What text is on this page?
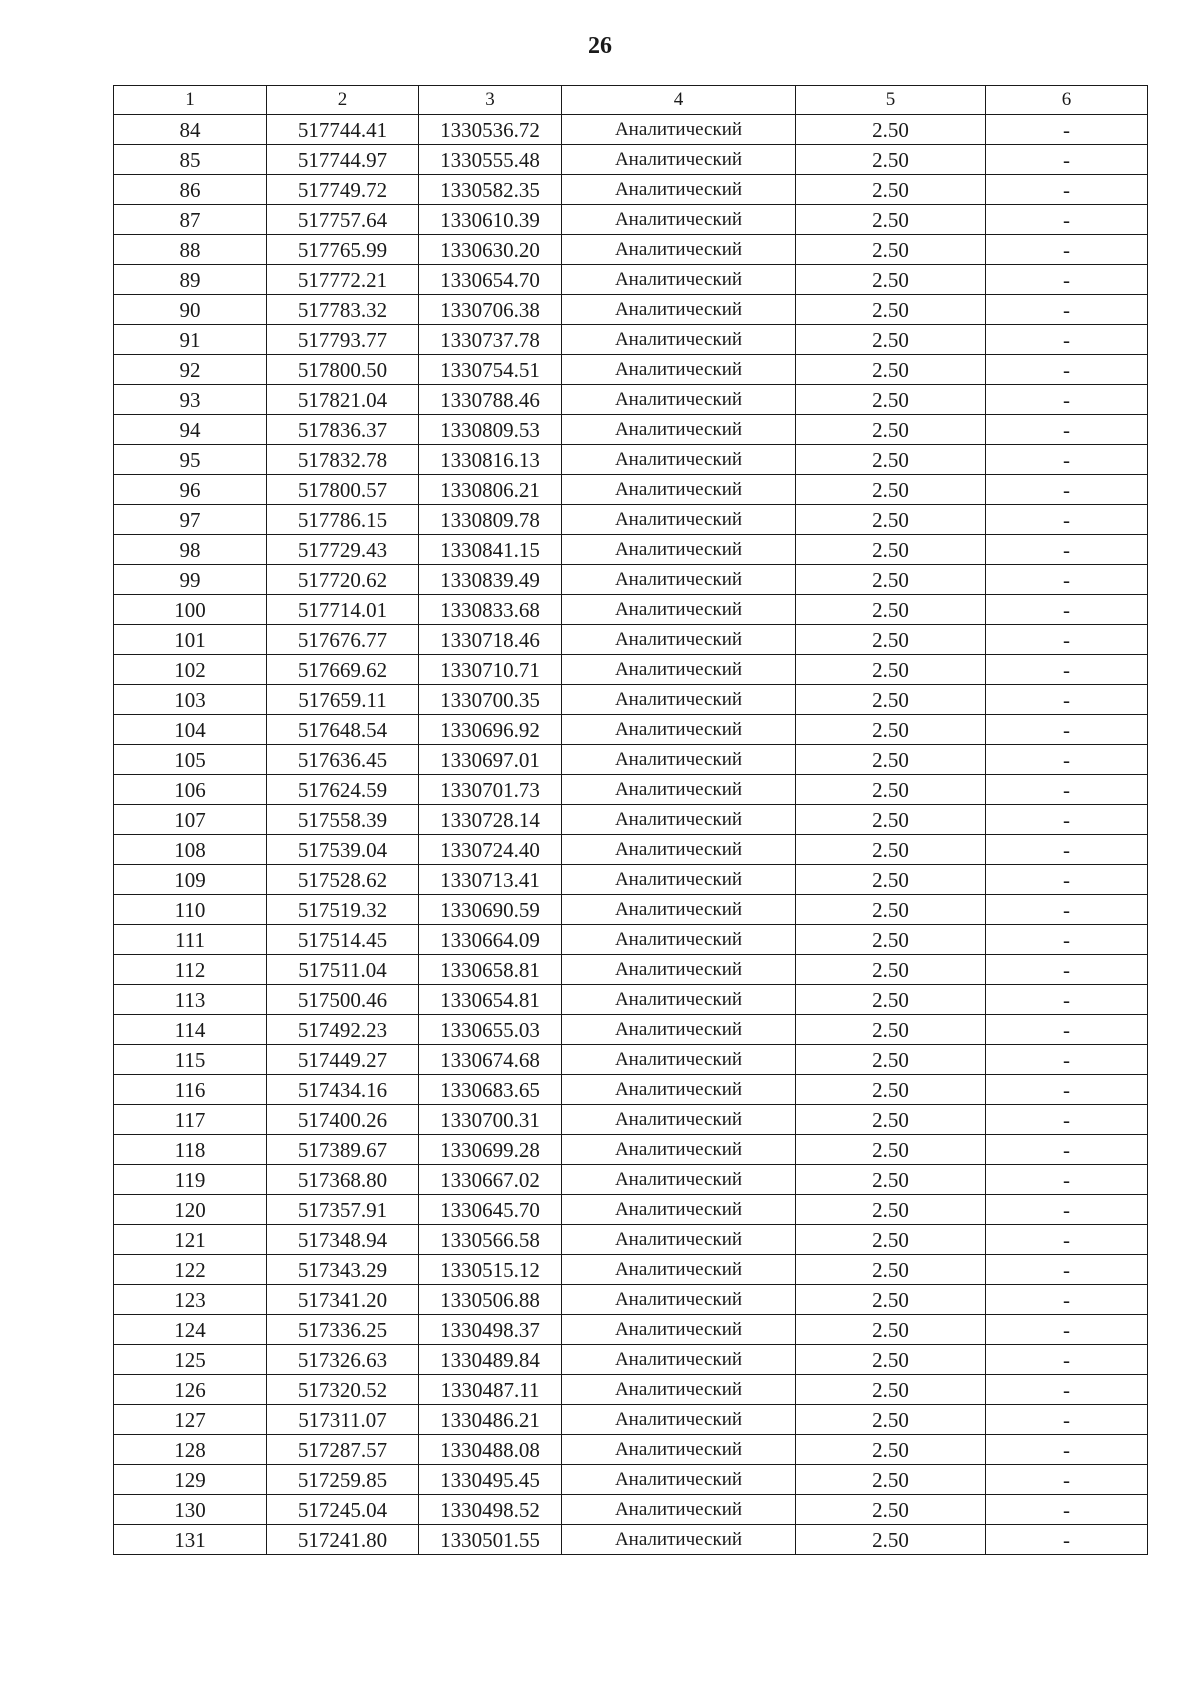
26
1	2	3	4	5	6
84	517744.41	1330536.72	Аналитический	2.50	-
85	517744.97	1330555.48	Аналитический	2.50	-
86	517749.72	1330582.35	Аналитический	2.50	-
87	517757.64	1330610.39	Аналитический	2.50	-
88	517765.99	1330630.20	Аналитический	2.50	-
89	517772.21	1330654.70	Аналитический	2.50	-
90	517783.32	1330706.38	Аналитический	2.50	-
91	517793.77	1330737.78	Аналитический	2.50	-
92	517800.50	1330754.51	Аналитический	2.50	-
93	517821.04	1330788.46	Аналитический	2.50	-
94	517836.37	1330809.53	Аналитический	2.50	-
95	517832.78	1330816.13	Аналитический	2.50	-
96	517800.57	1330806.21	Аналитический	2.50	-
97	517786.15	1330809.78	Аналитический	2.50	-
98	517729.43	1330841.15	Аналитический	2.50	-
99	517720.62	1330839.49	Аналитический	2.50	-
100	517714.01	1330833.68	Аналитический	2.50	-
101	517676.77	1330718.46	Аналитический	2.50	-
102	517669.62	1330710.71	Аналитический	2.50	-
103	517659.11	1330700.35	Аналитический	2.50	-
104	517648.54	1330696.92	Аналитический	2.50	-
105	517636.45	1330697.01	Аналитический	2.50	-
106	517624.59	1330701.73	Аналитический	2.50	-
107	517558.39	1330728.14	Аналитический	2.50	-
108	517539.04	1330724.40	Аналитический	2.50	-
109	517528.62	1330713.41	Аналитический	2.50	-
110	517519.32	1330690.59	Аналитический	2.50	-
111	517514.45	1330664.09	Аналитический	2.50	-
112	517511.04	1330658.81	Аналитический	2.50	-
113	517500.46	1330654.81	Аналитический	2.50	-
114	517492.23	1330655.03	Аналитический	2.50	-
115	517449.27	1330674.68	Аналитический	2.50	-
116	517434.16	1330683.65	Аналитический	2.50	-
117	517400.26	1330700.31	Аналитический	2.50	-
118	517389.67	1330699.28	Аналитический	2.50	-
119	517368.80	1330667.02	Аналитический	2.50	-
120	517357.91	1330645.70	Аналитический	2.50	-
121	517348.94	1330566.58	Аналитический	2.50	-
122	517343.29	1330515.12	Аналитический	2.50	-
123	517341.20	1330506.88	Аналитический	2.50	-
124	517336.25	1330498.37	Аналитический	2.50	-
125	517326.63	1330489.84	Аналитический	2.50	-
126	517320.52	1330487.11	Аналитический	2.50	-
127	517311.07	1330486.21	Аналитический	2.50	-
128	517287.57	1330488.08	Аналитический	2.50	-
129	517259.85	1330495.45	Аналитический	2.50	-
130	517245.04	1330498.52	Аналитический	2.50	-
131	517241.80	1330501.55	Аналитический	2.50	-
